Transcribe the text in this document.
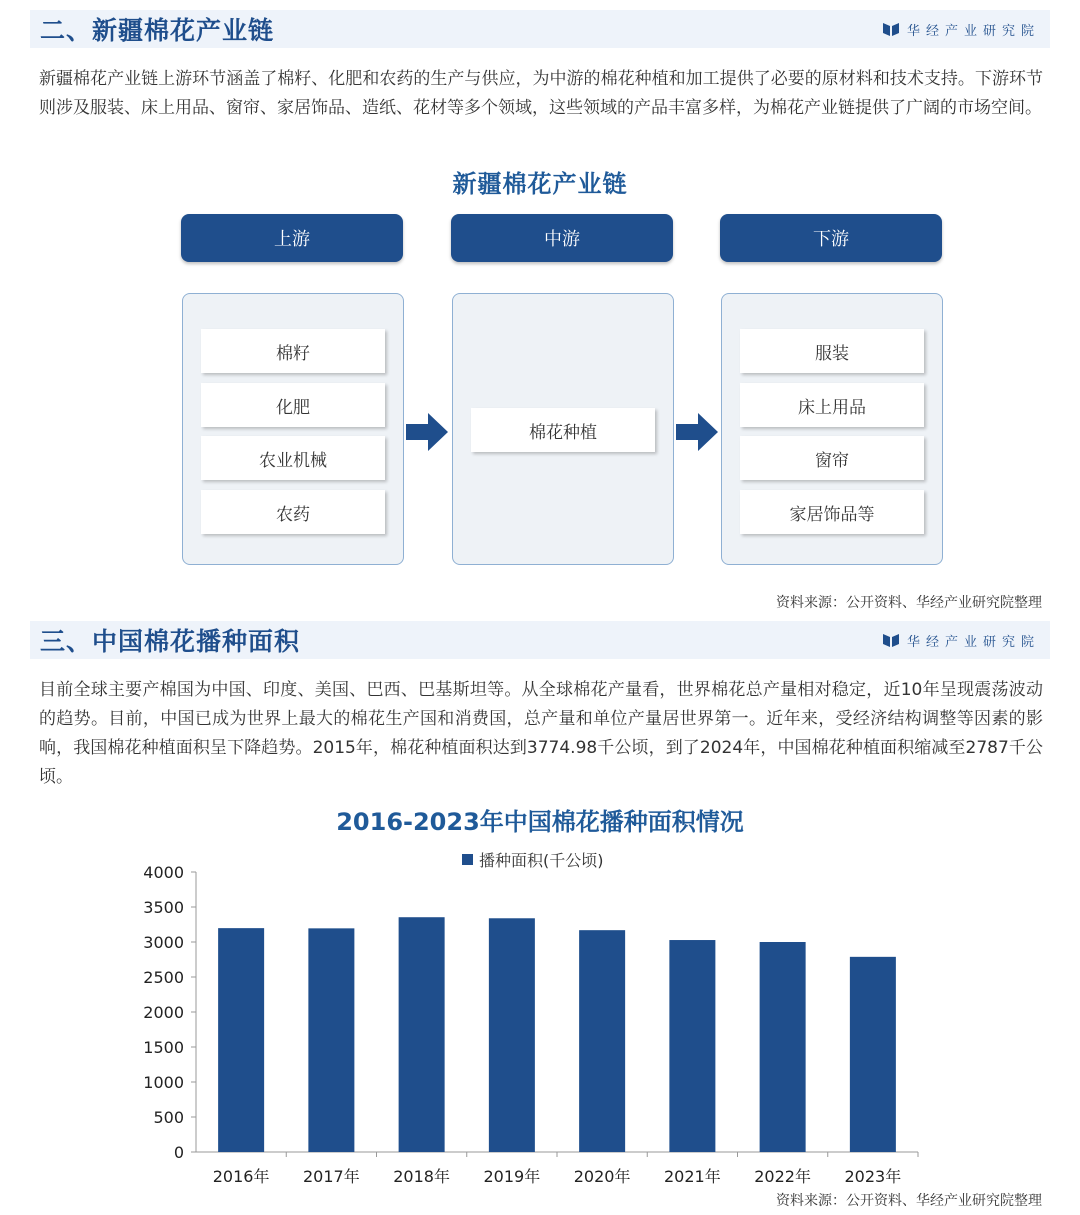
二、新疆棉花产业链	华经产业研究院
新疆棉花产业链上游环节涵盖了棉籽、化肥和农药的生产与供应，为中游的棉花种植和加工提供了必要的原材料和技术支持。下游环节则涉及服装、床上用品、窗帘、家居饰品、造纸、花材等多个领域，这些领域的产品丰富多样，为棉花产业链提供了广阔的市场空间。
新疆棉花产业链
上游	中游	下游
棉籽
化肥
农业机械
农药
棉花种植
服装
床上用品
窗帘
家居饰品等
资料来源：公开资料、华经产业研究院整理
三、中国棉花播种面积	华经产业研究院
目前全球主要产棉国为中国、印度、美国、巴西、巴基斯坦等。从全球棉花产量看，世界棉花总产量相对稳定，近10年呈现震荡波动的趋势。目前，中国已成为世界上最大的棉花生产国和消费国，总产量和单位产量居世界第一。近年来，受经济结构调整等因素的影响，我国棉花种植面积呈下降趋势。2015年，棉花种植面积达到3774.98千公顷，到了2024年，中国棉花种植面积缩减至2787千公顷。
2016-2023年中国棉花播种面积情况
播种面积(千公顷)
0
500
1000
1500
2000
2500
3000
3500
4000
2016年 2017年 2018年 2019年 2020年 2021年 2022年 2023年
资料来源：公开资料、华经产业研究院整理
